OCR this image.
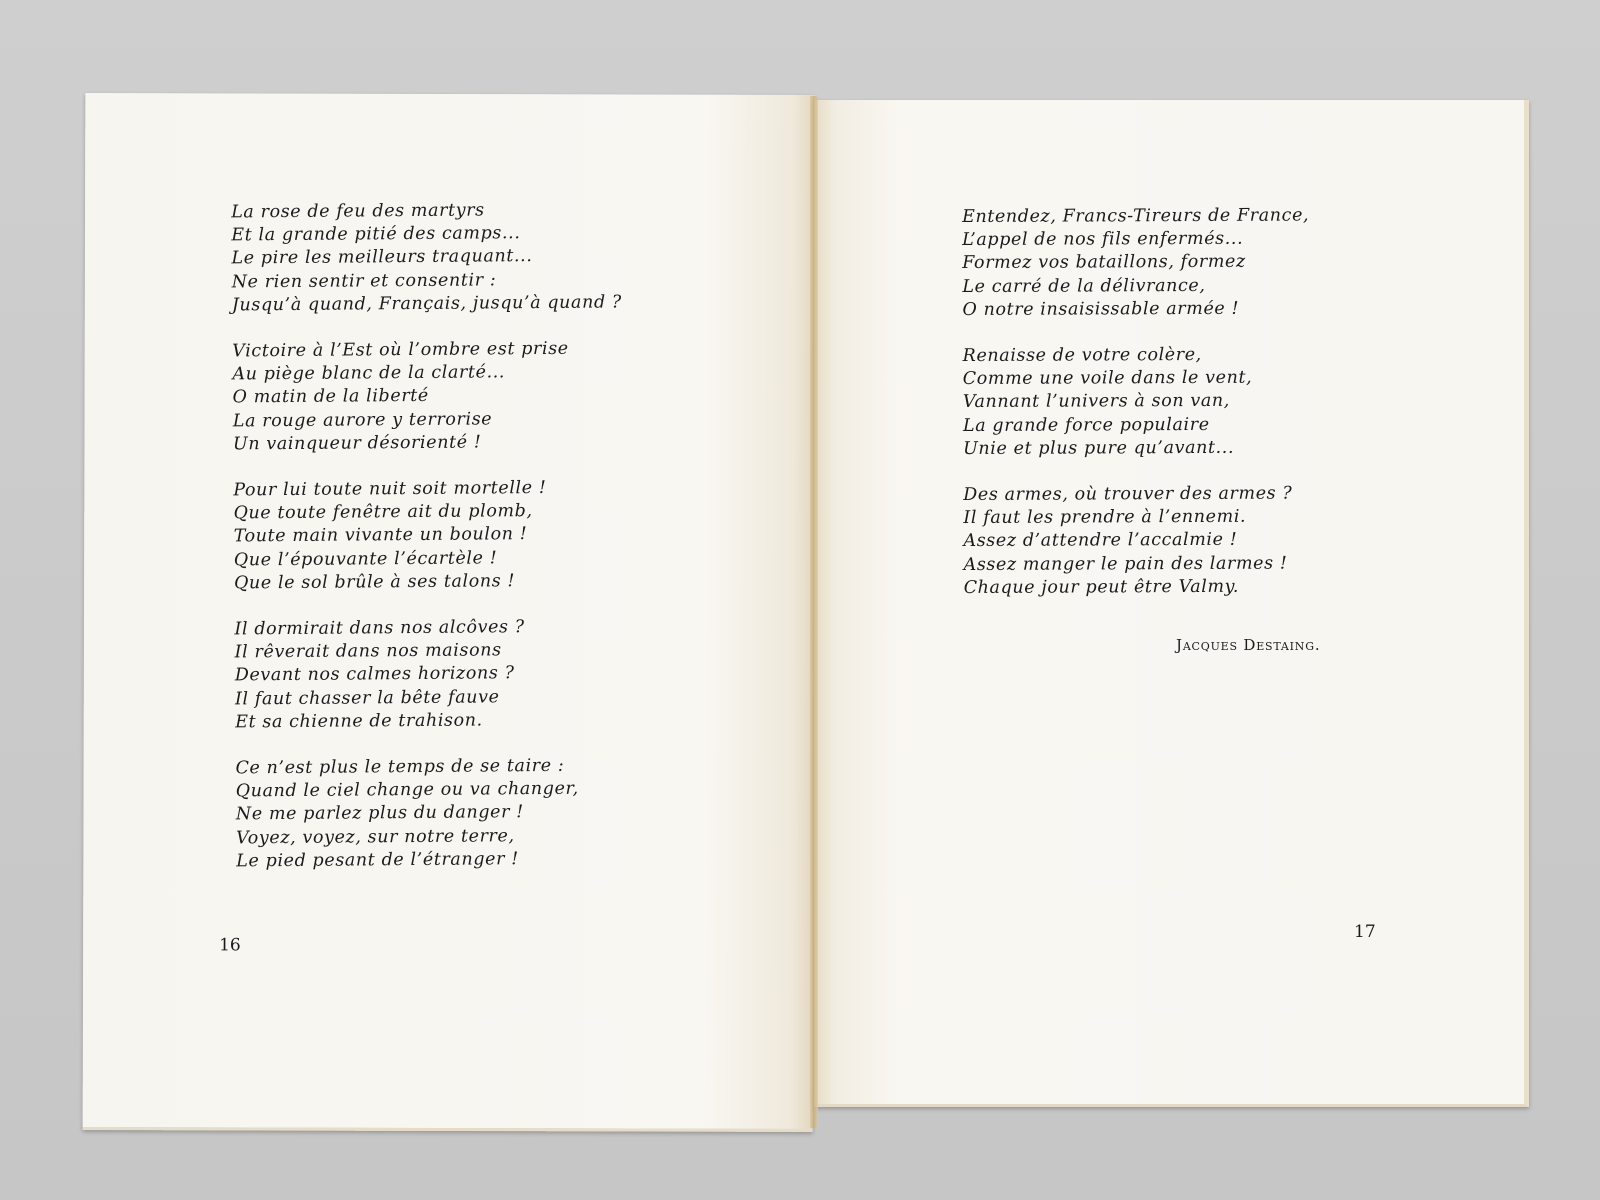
La rose de feu des martyrs
Et la grande pitié des camps...
Le pire les meilleurs traquant...
Ne rien sentir et consentir :
Jusqu’à quand, Français, jusqu’à quand ?
Victoire à l’Est où l’ombre est prise
Au piège blanc de la clarté...
O matin de la liberté
La rouge aurore y terrorise
Un vainqueur désorienté !
Pour lui toute nuit soit mortelle !
Que toute fenêtre ait du plomb,
Toute main vivante un boulon !
Que l’épouvante l’écartèle !
Que le sol brûle à ses talons !
Il dormirait dans nos alcôves ?
Il rêverait dans nos maisons
Devant nos calmes horizons ?
Il faut chasser la bête fauve
Et sa chienne de trahison.
Ce n’est plus le temps de se taire :
Quand le ciel change ou va changer,
Ne me parlez plus du danger !
Voyez, voyez, sur notre terre,
Le pied pesant de l’étranger !
16
Entendez, Francs-Tireurs de France,
L’appel de nos fils enfermés...
Formez vos bataillons, formez
Le carré de la délivrance,
O notre insaisissable armée !
Renaisse de votre colère,
Comme une voile dans le vent,
Vannant l’univers à son van,
La grande force populaire
Unie et plus pure qu’avant...
Des armes, où trouver des armes ?
Il faut les prendre à l’ennemi.
Assez d’attendre l’accalmie !
Assez manger le pain des larmes !
Chaque jour peut être Valmy.
Jacques Destaing.
17
